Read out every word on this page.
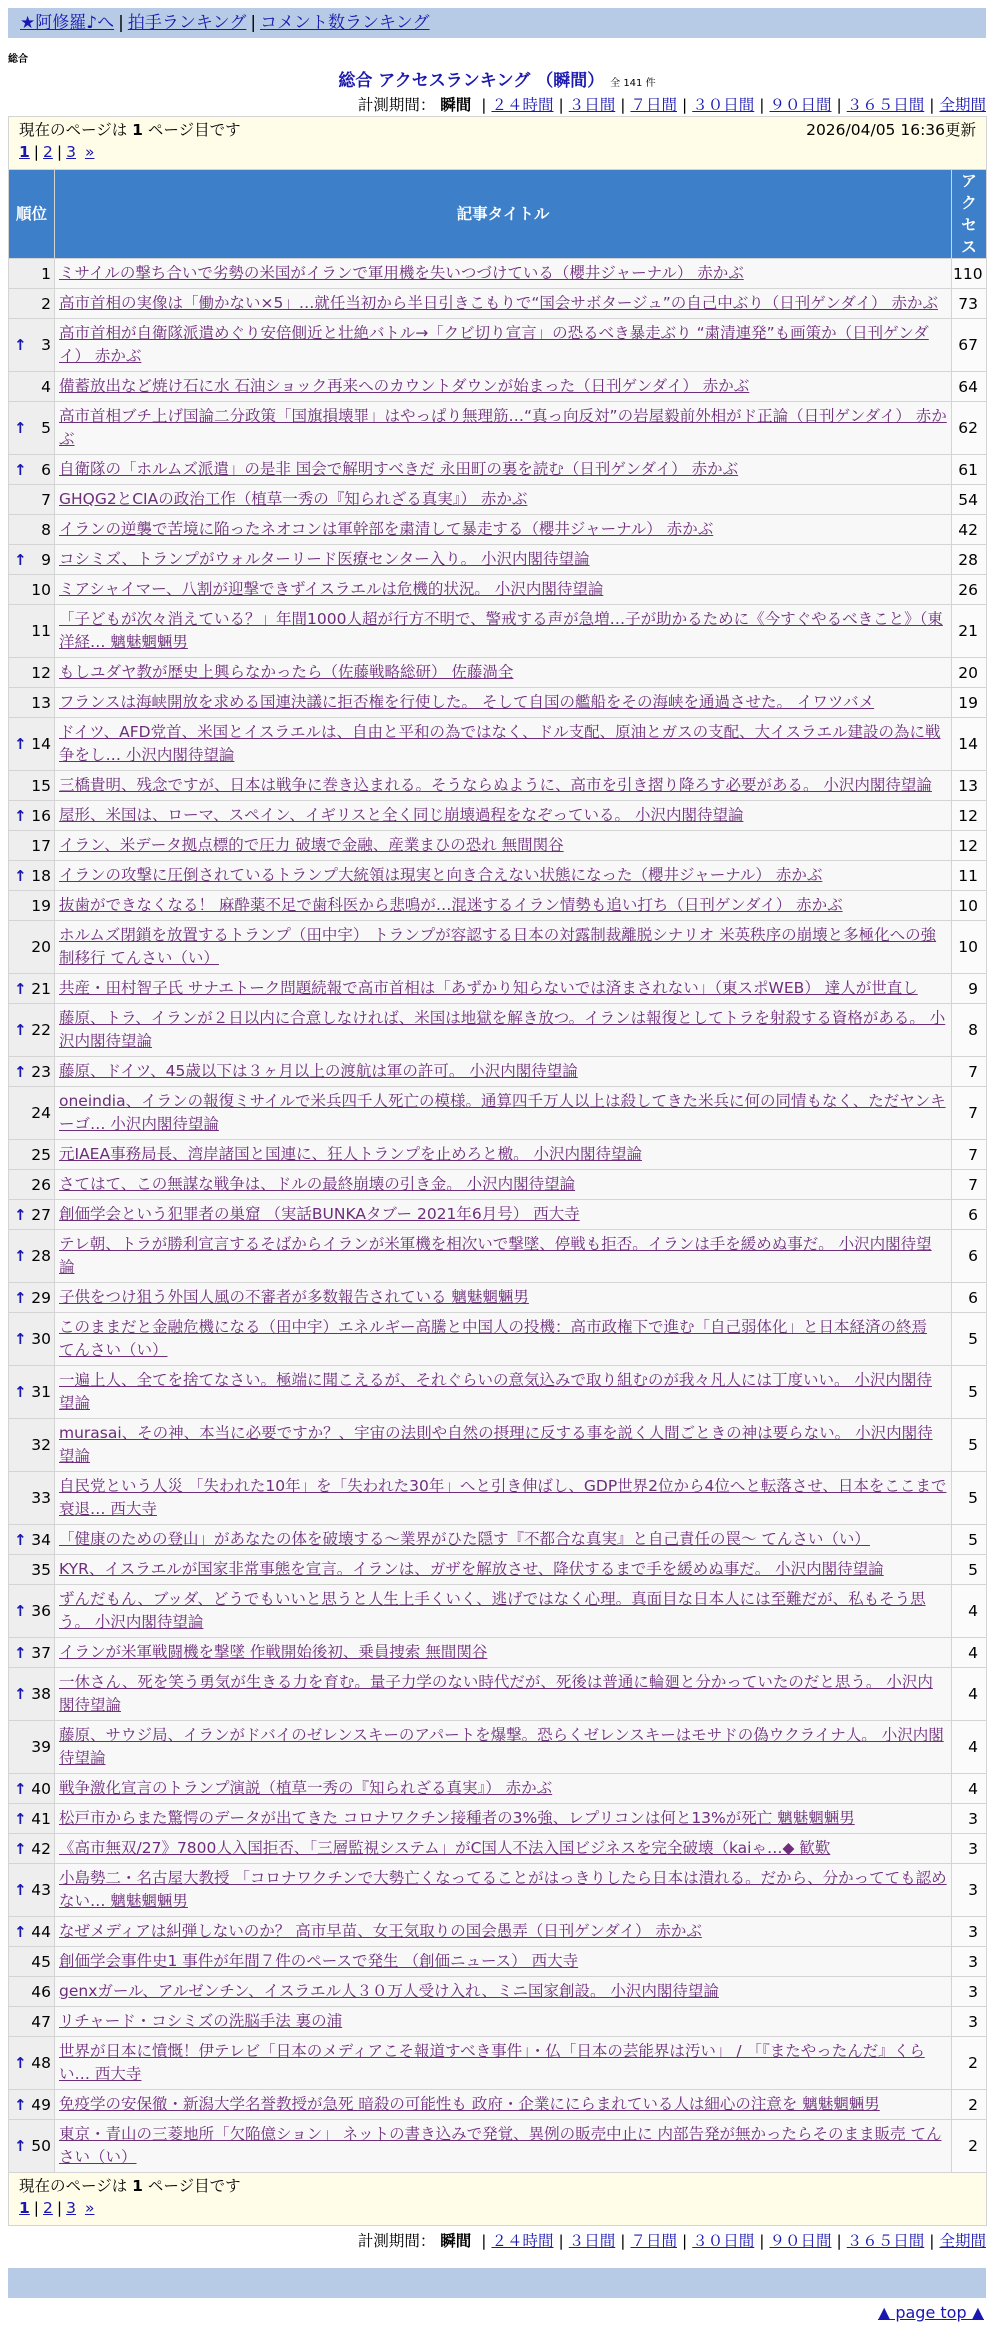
★阿修羅♪へ | 拍手ランキング | コメント数ランキング
総合
総合 アクセスランキング （瞬間） 全 141 件
計測期間： 瞬間 | ２４時間 | ３日間 | ７日間 | ３０日間 | ９０日間 | ３６５日間 | 全期間
現在のページは 1 ページ目です 2026/04/05 16:36更新
1 | 2 | 3 »		

順位	記事タイトル	アクセス
1	ミサイルの撃ち合いで劣勢の米国がイランで軍用機を失いつづけている（櫻井ジャーナル） 赤かぶ	110
2	高市首相の実像は「働かない×5」…就任当初から半日引きこもりで“国会サボタージュ”の自己中ぶり（日刊ゲンダイ） 赤かぶ	73

↑ 3	高市首相が自衛隊派遣めぐり安倍側近と壮絶バトル→「クビ切り宣言」の恐るべき暴走ぶり “粛清連発”も画策か（日刊ゲンダイ） 赤かぶ	67
4	備蓄放出など焼け石に水 石油ショック再来へのカウントダウンが始まった（日刊ゲンダイ） 赤かぶ	64

↑ 5	高市首相ブチ上げ国論二分政策「国旗損壊罪」はやっぱり無理筋…“真っ向反対”の岩屋毅前外相がド正論（日刊ゲンダイ） 赤かぶ	62

↑ 6	自衛隊の「ホルムズ派遣」の是非 国会で解明すべきだ 永田町の裏を読む（日刊ゲンダイ） 赤かぶ	61
7	GHQG2とCIAの政治工作（植草一秀の『知られざる真実』） 赤かぶ	54
8	イランの逆襲で苦境に陥ったネオコンは軍幹部を粛清して暴走する（櫻井ジャーナル） 赤かぶ	42

↑ 9	コシミズ、トランプがウォルターリード医療センター入り。 小沢内閣待望論	28
10	ミアシャイマー、八割が迎撃できずイスラエルは危機的状況。 小沢内閣待望論	26
11	「子どもが次々消えている？」年間1000人超が行方不明で、警戒する声が急増…子が助かるために《今すぐやるべきこと》（東洋経… 魑魅魍魎男	21
12	もしユダヤ教が歴史上興らなかったら（佐藤戦略総研） 佐藤渦全	20
13	フランスは海峡開放を求める国連決議に拒否権を行使した。 そして自国の艦船をその海峡を通過させた。 イワツバメ	19

↑ 14	ドイツ、AFD党首、米国とイスラエルは、自由と平和の為ではなく、ドル支配、原油とガスの支配、大イスラエル建設の為に戦争をし… 小沢内閣待望論	14
15	三橋貴明、残念ですが、日本は戦争に巻き込まれる。そうならぬように、高市を引き摺り降ろす必要がある。 小沢内閣待望論	13

↑ 16	屋形、米国は、ローマ、スペイン、イギリスと全く同じ崩壊過程をなぞっている。 小沢内閣待望論	12
17	イラン、米データ拠点標的で圧力 破壊で金融、産業まひの恐れ 無間関谷	12

↑ 18	イランの攻撃に圧倒されているトランプ大統領は現実と向き合えない状態になった（櫻井ジャーナル） 赤かぶ	11
19	抜歯ができなくなる！ 麻酔薬不足で歯科医から悲鳴が…混迷するイラン情勢も追い打ち（日刊ゲンダイ） 赤かぶ	10
20	ホルムズ閉鎖を放置するトランプ（田中宇） トランプが容認する日本の対露制裁離脱シナリオ 米英秩序の崩壊と多極化への強制移行 てんさい（い）	10

↑ 21	共産・田村智子氏 サナエトーク問題続報で高市首相は「あずかり知らないでは済まされない」（東スポWEB） 達人が世直し	9

↑ 22	藤原、トラ、イランが２日以内に合意しなければ、米国は地獄を解き放つ。イランは報復としてトラを射殺する資格がある。 小沢内閣待望論	8

↑ 23	藤原、ドイツ、45歳以下は３ヶ月以上の渡航は軍の許可。 小沢内閣待望論	7
24	oneindia、イランの報復ミサイルで米兵四千人死亡の模様。通算四千万人以上は殺してきた米兵に何の同情もなく、ただヤンキーゴ… 小沢内閣待望論	7
25	元IAEA事務局長、湾岸諸国と国連に、狂人トランプを止めろと檄。 小沢内閣待望論	7
26	さてはて、この無謀な戦争は、ドルの最終崩壊の引き金。 小沢内閣待望論	7

↑ 27	創価学会という犯罪者の巣窟 （実話BUNKAタブー 2021年6月号） 西大寺	6

↑ 28	テレ朝、トラが勝利宣言するそばからイランが米軍機を相次いで撃墜、停戦も拒否。イランは手を緩めぬ事だ。 小沢内閣待望論	6

↑ 29	子供をつけ狙う外国人風の不審者が多数報告されている 魑魅魍魎男	6

↑ 30	このままだと金融危機になる（田中宇）エネルギー高騰と中国人の投機：高市政権下で進む「自己弱体化」と日本経済の終焉 てんさい（い）	5

↑ 31	一遍上人、全てを捨てなさい。極端に聞こえるが、それぐらいの意気込みで取り組むのが我々凡人には丁度いい。 小沢内閣待望論	5
32	murasai、その神、本当に必要ですか？、宇宙の法則や自然の摂理に反する事を説く人間ごときの神は要らない。 小沢内閣待望論	5
33	自民党という人災 「失われた10年」を「失われた30年」へと引き伸ばし、GDP世界2位から4位へと転落させ、日本をここまで衰退… 西大寺	5

↑ 34	「健康のための登山」があなたの体を破壊する〜業界がひた隠す『不都合な真実』と自己責任の罠〜 てんさい（い）	5
35	KYR、イスラエルが国家非常事態を宣言。イランは、ガザを解放させ、降伏するまで手を緩めぬ事だ。 小沢内閣待望論	5

↑ 36	ずんだもん、ブッダ、どうでもいいと思うと人生上手くいく、逃げではなく心理。真面目な日本人には至難だが、私もそう思う。 小沢内閣待望論	4

↑ 37	イランが米軍戦闘機を撃墜 作戦開始後初、乗員捜索 無間関谷	4

↑ 38	一休さん、死を笑う勇気が生きる力を育む。量子力学のない時代だが、死後は普通に輪廻と分かっていたのだと思う。 小沢内閣待望論	4
39	藤原、サウジ局、イランがドバイのゼレンスキーのアパートを爆撃。恐らくゼレンスキーはモサドの偽ウクライナ人。 小沢内閣待望論	4

↑ 40	戦争激化宣言のトランプ演説（植草一秀の『知られざる真実』） 赤かぶ	4

↑ 41	松戸市からまた驚愕のデータが出てきた コロナワクチン接種者の3%強、レプリコンは何と13%が死亡 魑魅魍魎男	3

↑ 42	《高市無双/27》7800人入国拒否、「三層監視システム」がC国人不法入国ビジネスを完全破壊（kaiゃ…◆ 歓歎	3

↑ 43	小島勢二・名古屋大教授 「コロナワクチンで大勢亡くなってることがはっきりしたら日本は潰れる。だから、分かってても認めない… 魑魅魍魎男	3

↑ 44	なぜメディアは糾弾しないのか？ 高市早苗、女王気取りの国会愚弄（日刊ゲンダイ） 赤かぶ	3
45	創価学会事件史1 事件が年間７件のペースで発生 （創価ニュース） 西大寺	3
46	genxガール、アルゼンチン、イスラエル人３０万人受け入れ、ミニ国家創設。 小沢内閣待望論	3
47	リチャード・コシミズの洗脳手法 裏の浦	3

↑ 48	世界が日本に憤慨！伊テレビ「日本のメディアこそ報道すべき事件」・仏「日本の芸能界は汚い」 / 「『またやったんだ』くらい… 西大寺	2

↑ 49	免疫学の安保徹・新潟大学名誉教授が急死 暗殺の可能性も 政府・企業ににらまれている人は細心の注意を 魑魅魍魎男	2

↑ 50	東京・青山の三菱地所「欠陥億ション」 ネットの書き込みで発覚、異例の販売中止に 内部告発が無かったらそのまま販売 てんさい（い）	2

現在のページは 1 ページ目です
1 | 2 | 3 »		
計測期間： 瞬間 | ２４時間 | ３日間 | ７日間 | ３０日間 | ９０日間 | ３６５日間 | 全期間
▲ page top ▲
